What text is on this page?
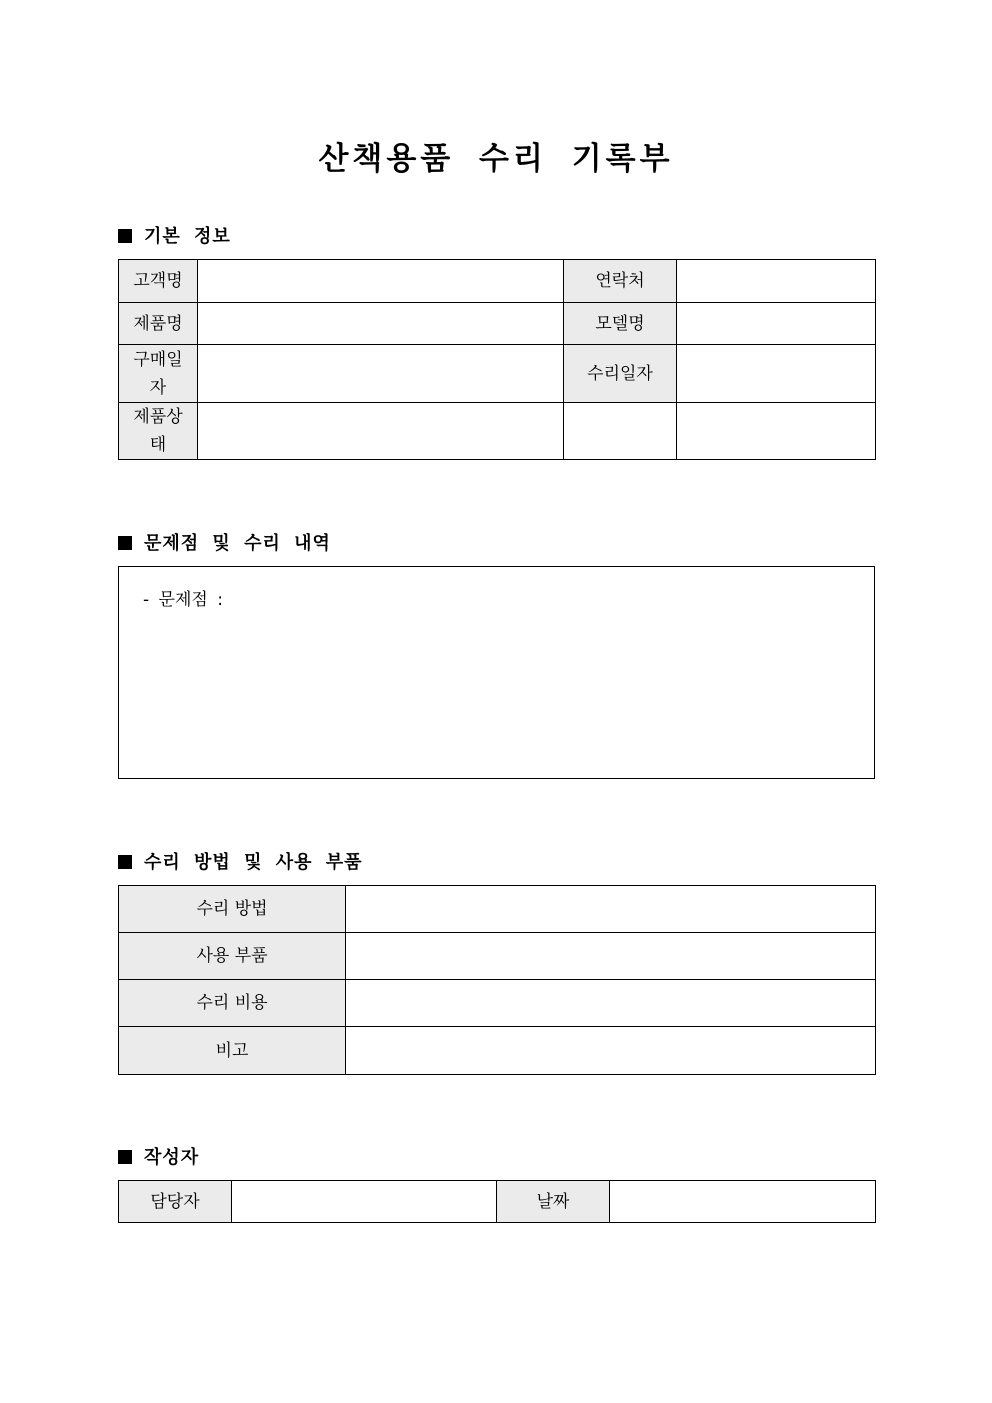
산책용품 수리 기록부
기본 정보
고객명		연락처	
제품명		모델명	
구매일자		수리일자	
제품상태			
문제점 및 수리 내역
- 문제점 :
수리 방법 및 사용 부품
수리 방법	
사용 부품	
수리 비용	
비고	
작성자
담당자		날짜	
